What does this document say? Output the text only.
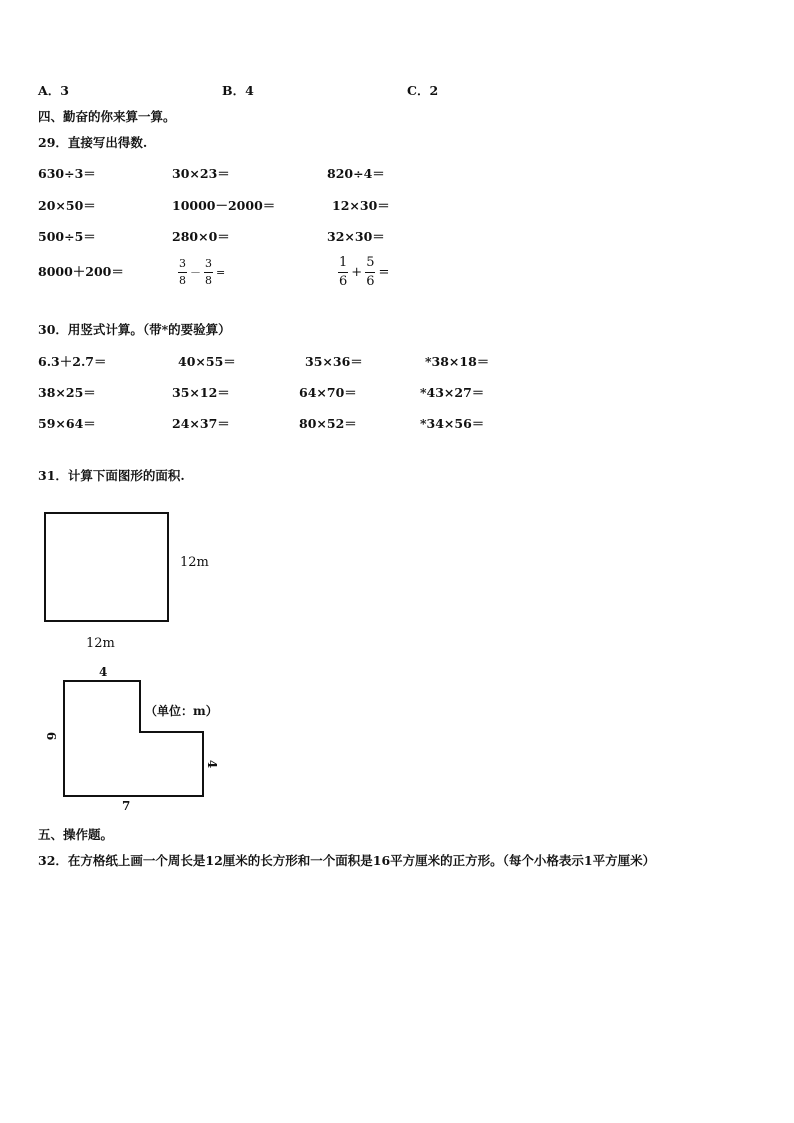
A．3	B．4	C．2
四、勤奋的你来算一算。
29．直接写出得数.
630÷3＝	30×23＝	820÷4＝
20×50＝	10000－2000＝	12×30＝
500÷5＝	280×0＝	32×30＝
8000＋200＝	$\frac{3}{8} - \frac{3}{8}$ =	$\frac{1}{6} + \frac{5}{6}$ =
30．用竖式计算。（带*的要验算）
6.3＋2.7＝	40×55＝	35×36＝	*38×18＝
38×25＝	35×12＝	64×70＝	*43×27＝
59×64＝	24×37＝	80×52＝	*34×56＝
31．计算下面图形的面积.
12m
12m
4
6
4
7
（单位：m）
五、操作题。
32．在方格纸上画一个周长是12厘米的长方形和一个面积是16平方厘米的正方形。（每个小格表示1平方厘米）
